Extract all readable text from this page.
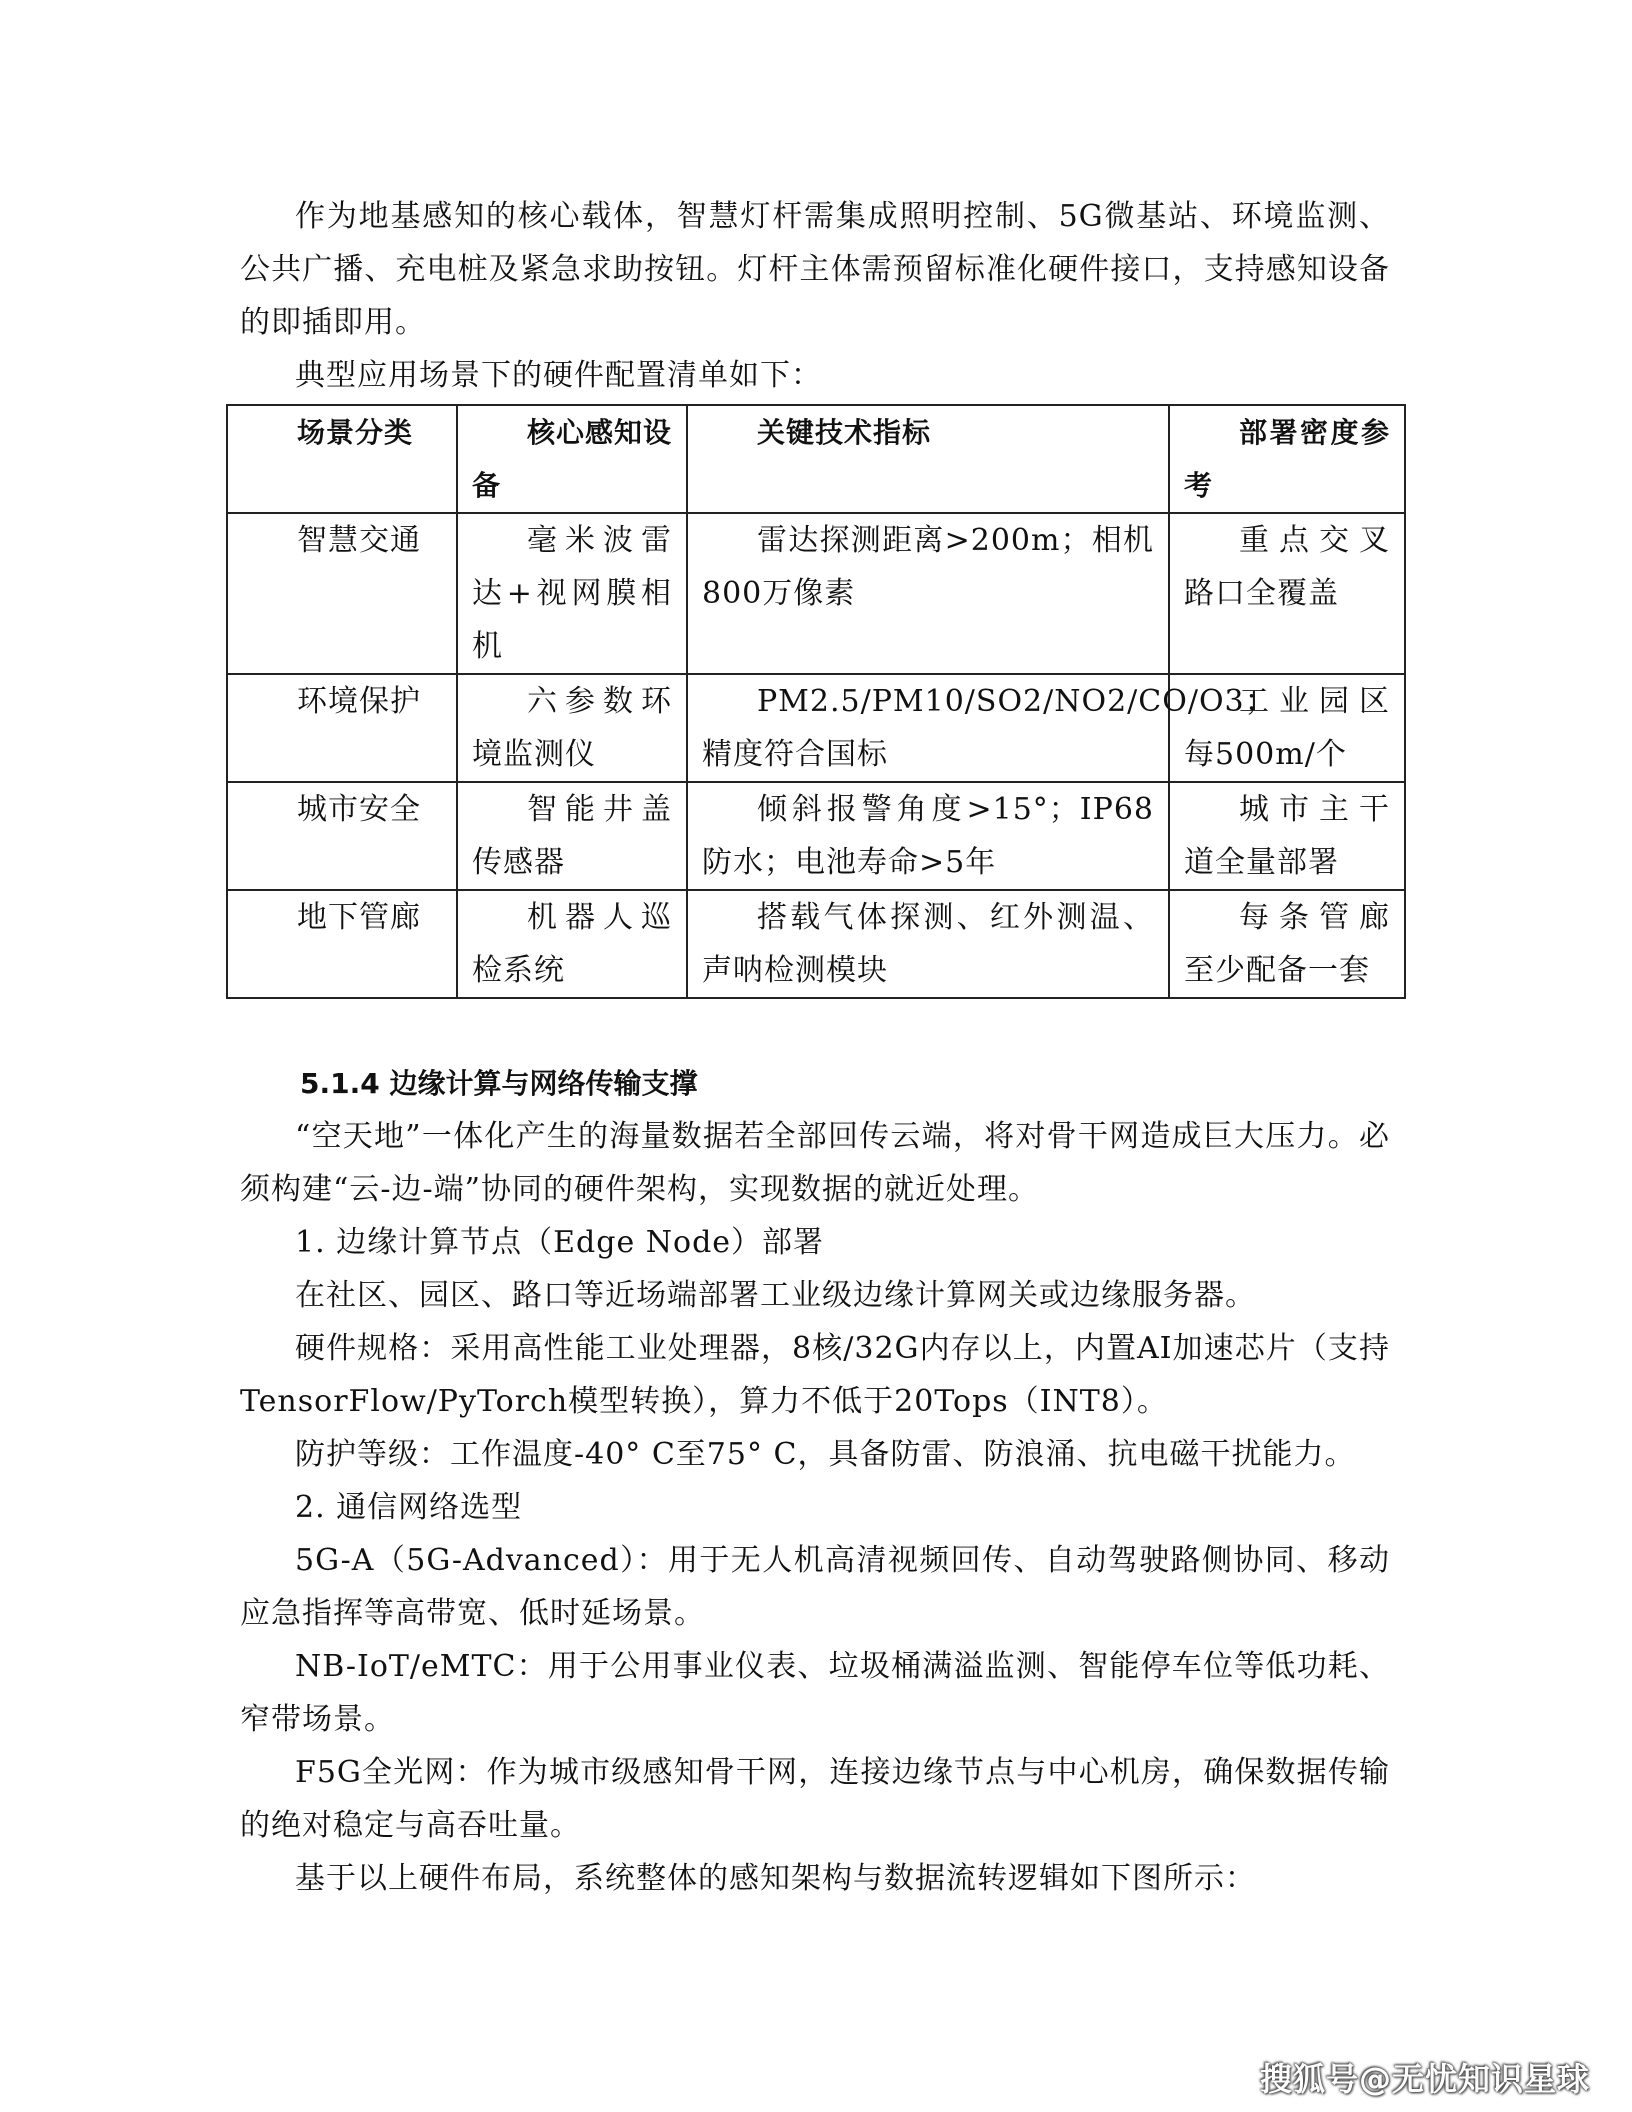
作为地基感知的核心载体，智慧灯杆需集成照明控制、5G微基站、环境监测、公共广播、充电桩及紧急求助按钮。灯杆主体需预留标准化硬件接口，支持感知设备的即插即用。

典型应用场景下的硬件配置清单如下：

场景分类	核心感知设备	关键技术指标	部署密度参考
智慧交通	毫米波雷达+视网膜相机	雷达探测距离>200m；相机800万像素	重点交叉路口全覆盖
环境保护	六参数环境监测仪	PM2.5/PM10/SO2/NO2/CO/O3；精度符合国标	工业园区每500m/个
城市安全	智能井盖传感器	倾斜报警角度>15°；IP68防水；电池寿命>5年	城市主干道全量部署
地下管廊	机器人巡检系统	搭载气体探测、红外测温、声呐检测模块	每条管廊至少配备一套
5.1.4 边缘计算与网络传输支撑

“空天地”一体化产生的海量数据若全部回传云端，将对骨干网造成巨大压力。必须构建“云-边-端”协同的硬件架构，实现数据的就近处理。

1. 边缘计算节点（Edge Node）部署

在社区、园区、路口等近场端部署工业级边缘计算网关或边缘服务器。

硬件规格：采用高性能工业处理器，8核/32G内存以上，内置AI加速芯片（支持TensorFlow/PyTorch模型转换），算力不低于20Tops（INT8）。

防护等级：工作温度-40° C至75° C，具备防雷、防浪涌、抗电磁干扰能力。

2. 通信网络选型

5G-A（5G-Advanced）：用于无人机高清视频回传、自动驾驶路侧协同、移动应急指挥等高带宽、低时延场景。

NB-IoT/eMTC：用于公用事业仪表、垃圾桶满溢监测、智能停车位等低功耗、窄带场景。

F5G全光网：作为城市级感知骨干网，连接边缘节点与中心机房，确保数据传输的绝对稳定与高吞吐量。

基于以上硬件布局，系统整体的感知架构与数据流转逻辑如下图所示：

搜狐号@无忧知识星球
